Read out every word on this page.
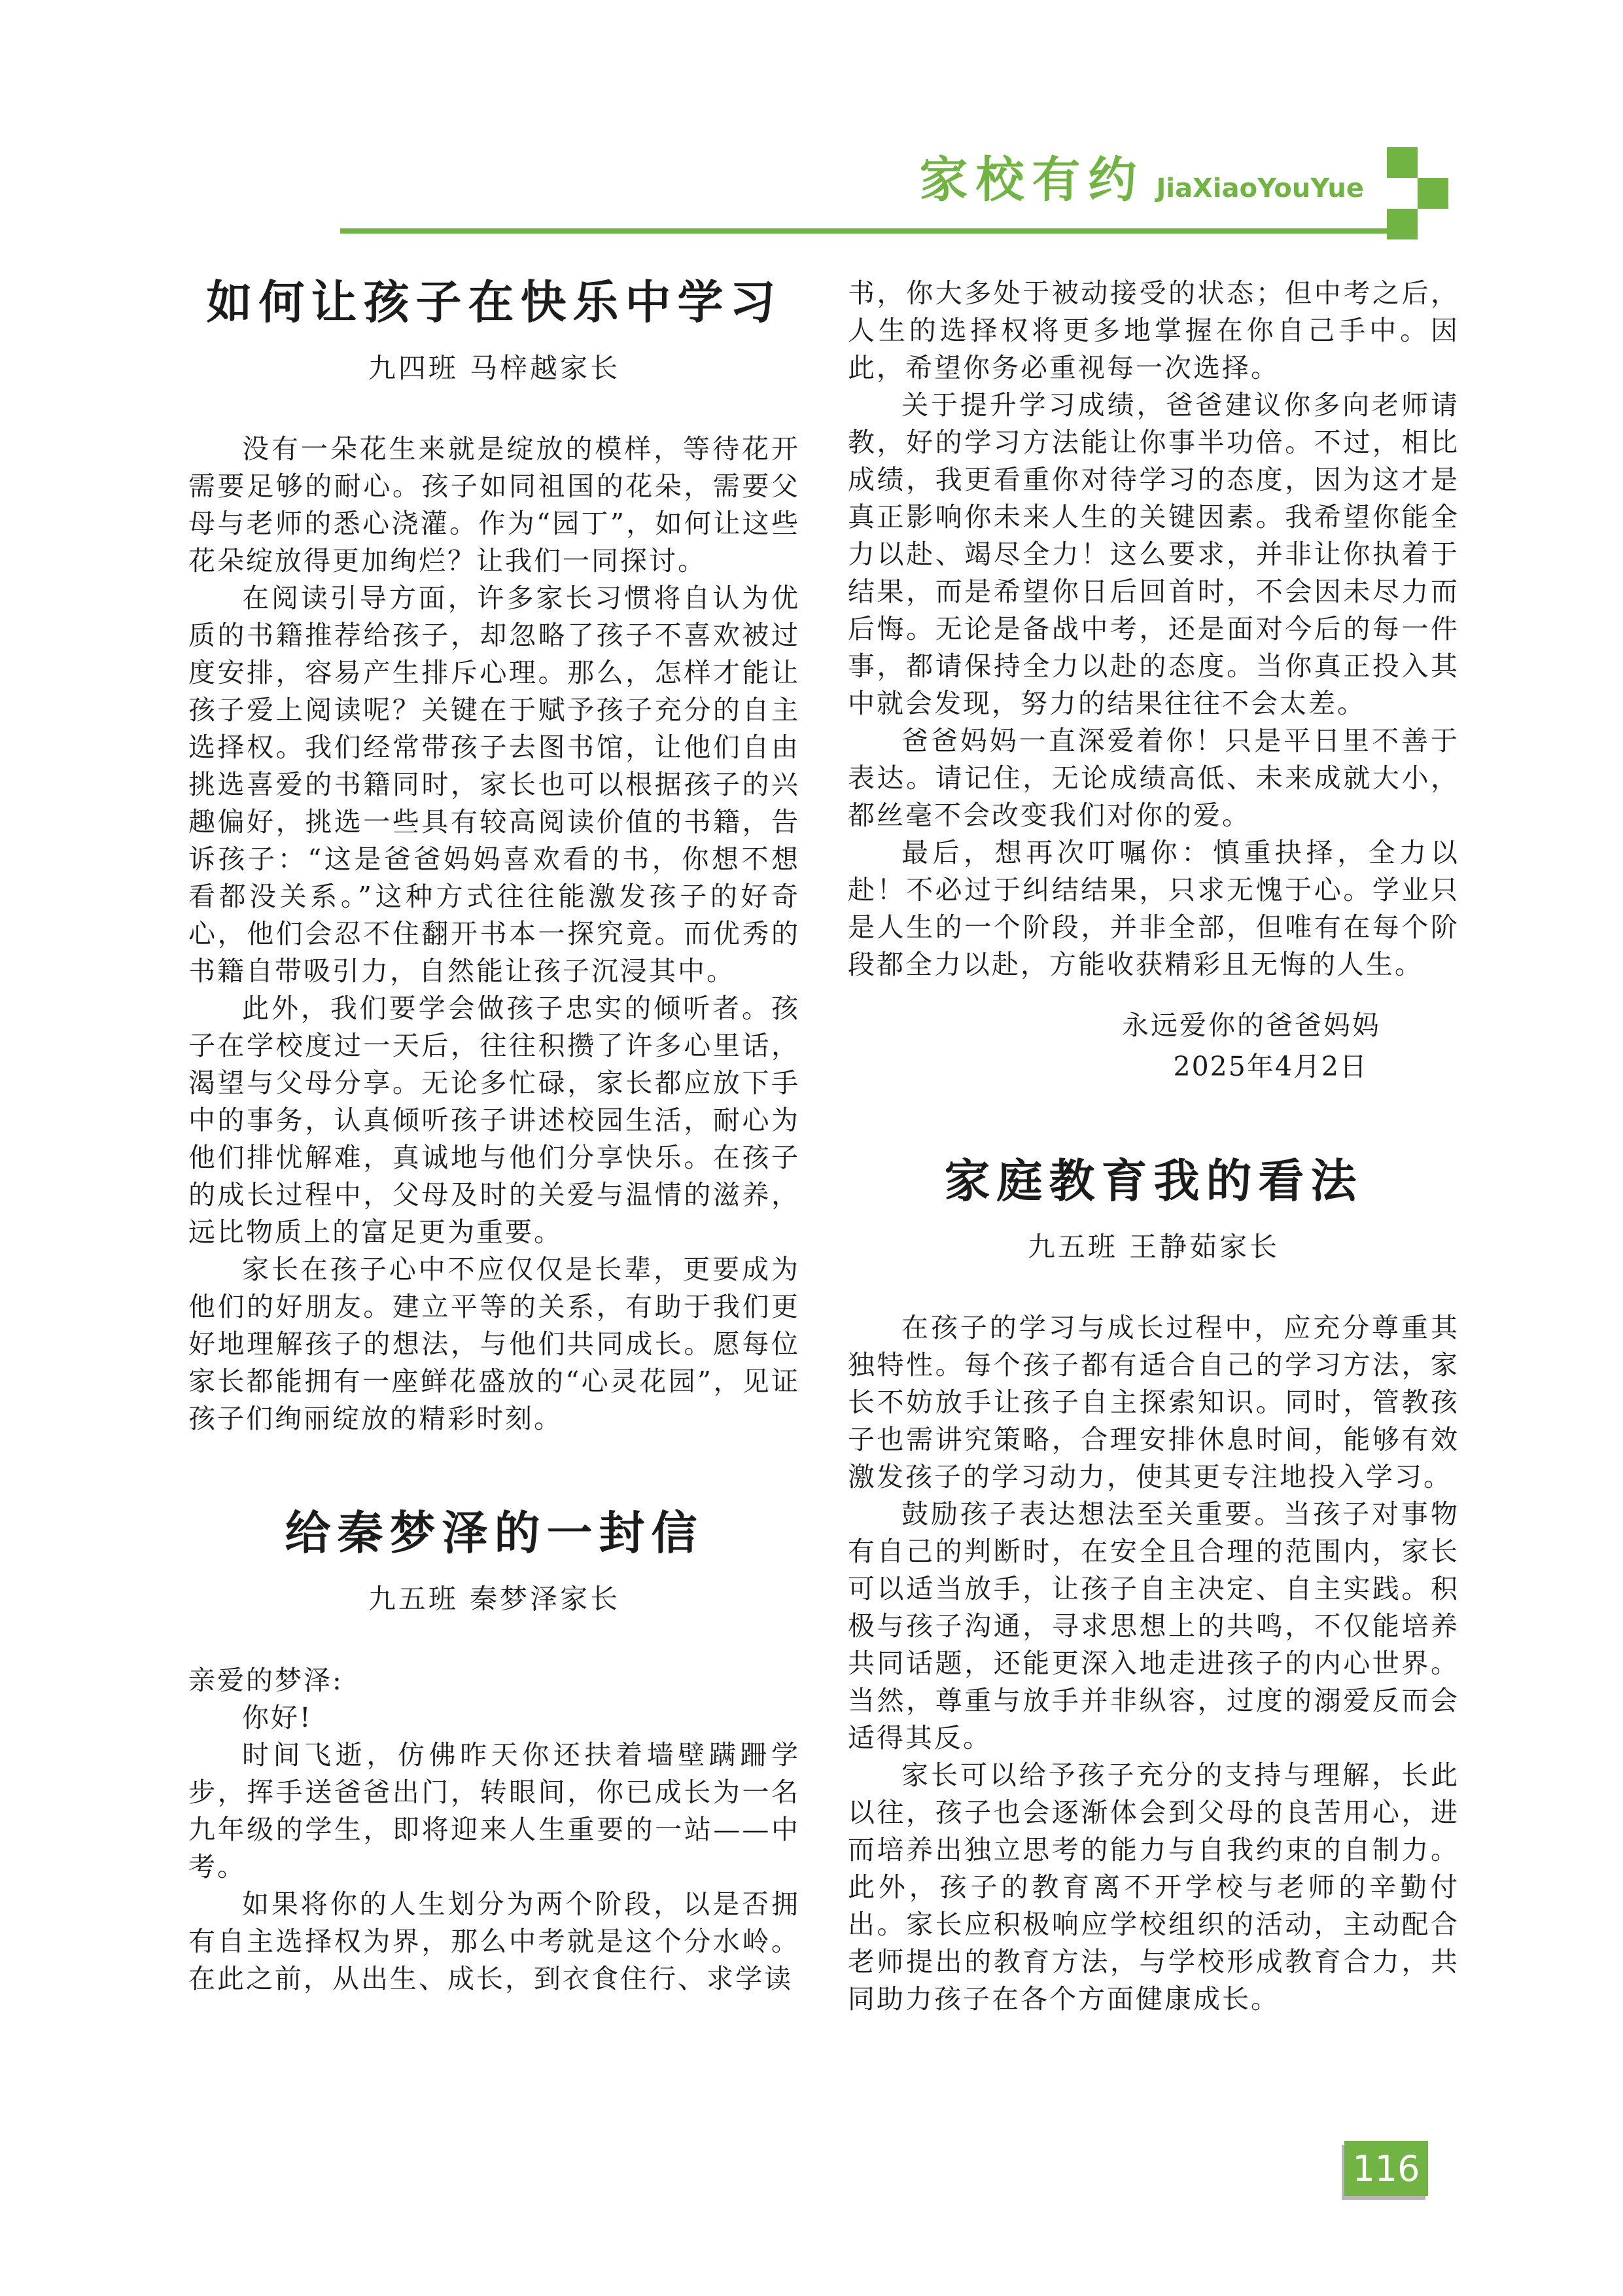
家校有约 JiaXiaoYouYue
如何让孩子在快乐中学习
九四班 马梓越家长

没有一朵花生来就是绽放的模样，等待花开需要足够的耐心。孩子如同祖国的花朵，需要父母与老师的悉心浇灌。作为“园丁”，如何让这些花朵绽放得更加绚烂？让我们一同探讨。

在阅读引导方面，许多家长习惯将自认为优质的书籍推荐给孩子，却忽略了孩子不喜欢被过度安排，容易产生排斥心理。那么，怎样才能让孩子爱上阅读呢？关键在于赋予孩子充分的自主选择权。我们经常带孩子去图书馆，让他们自由挑选喜爱的书籍同时，家长也可以根据孩子的兴趣偏好，挑选一些具有较高阅读价值的书籍，告诉孩子：“这是爸爸妈妈喜欢看的书，你想不想看都没关系。”这种方式往往能激发孩子的好奇心，他们会忍不住翻开书本一探究竟。而优秀的书籍自带吸引力，自然能让孩子沉浸其中。

此外，我们要学会做孩子忠实的倾听者。孩子在学校度过一天后，往往积攒了许多心里话，渴望与父母分享。无论多忙碌，家长都应放下手中的事务，认真倾听孩子讲述校园生活，耐心为他们排忧解难，真诚地与他们分享快乐。在孩子的成长过程中，父母及时的关爱与温情的滋养，远比物质上的富足更为重要。

家长在孩子心中不应仅仅是长辈，更要成为他们的好朋友。建立平等的关系，有助于我们更好地理解孩子的想法，与他们共同成长。愿每位家长都能拥有一座鲜花盛放的“心灵花园”，见证孩子们绚丽绽放的精彩时刻。

给秦梦泽的一封信
九五班 秦梦泽家长

亲爱的梦泽:

你好!

时间飞逝，仿佛昨天你还扶着墙壁蹒跚学步，挥手送爸爸出门，转眼间，你已成长为一名九年级的学生，即将迎来人生重要的一站——中考。

如果将你的人生划分为两个阶段，以是否拥有自主选择权为界，那么中考就是这个分水岭。在此之前，从出生、成长，到衣食住行、求学读

书，你大多处于被动接受的状态；但中考之后，人生的选择权将更多地掌握在你自己手中。因此，希望你务必重视每一次选择。

关于提升学习成绩，爸爸建议你多向老师请教，好的学习方法能让你事半功倍。不过，相比成绩，我更看重你对待学习的态度，因为这才是真正影响你未来人生的关键因素。我希望你能全力以赴、竭尽全力！这么要求，并非让你执着于结果，而是希望你日后回首时，不会因未尽力而后悔。无论是备战中考，还是面对今后的每一件事，都请保持全力以赴的态度。当你真正投入其中就会发现，努力的结果往往不会太差。

爸爸妈妈一直深爱着你！只是平日里不善于表达。请记住，无论成绩高低、未来成就大小，都丝毫不会改变我们对你的爱。

最后，想再次叮嘱你：慎重抉择，全力以赴！不必过于纠结结果，只求无愧于心。学业只是人生的一个阶段，并非全部，但唯有在每个阶段都全力以赴，方能收获精彩且无悔的人生。

永远爱你的爸爸妈妈

2025年4月2日

家庭教育我的看法
九五班 王静茹家长

在孩子的学习与成长过程中，应充分尊重其独特性。每个孩子都有适合自己的学习方法，家长不妨放手让孩子自主探索知识。同时，管教孩子也需讲究策略，合理安排休息时间，能够有效激发孩子的学习动力，使其更专注地投入学习。

鼓励孩子表达想法至关重要。当孩子对事物有自己的判断时，在安全且合理的范围内，家长可以适当放手，让孩子自主决定、自主实践。积极与孩子沟通，寻求思想上的共鸣，不仅能培养共同话题，还能更深入地走进孩子的内心世界。当然，尊重与放手并非纵容，过度的溺爱反而会适得其反。

家长可以给予孩子充分的支持与理解，长此以往，孩子也会逐渐体会到父母的良苦用心，进而培养出独立思考的能力与自我约束的自制力。此外，孩子的教育离不开学校与老师的辛勤付出。家长应积极响应学校组织的活动，主动配合老师提出的教育方法，与学校形成教育合力，共同助力孩子在各个方面健康成长。

116
